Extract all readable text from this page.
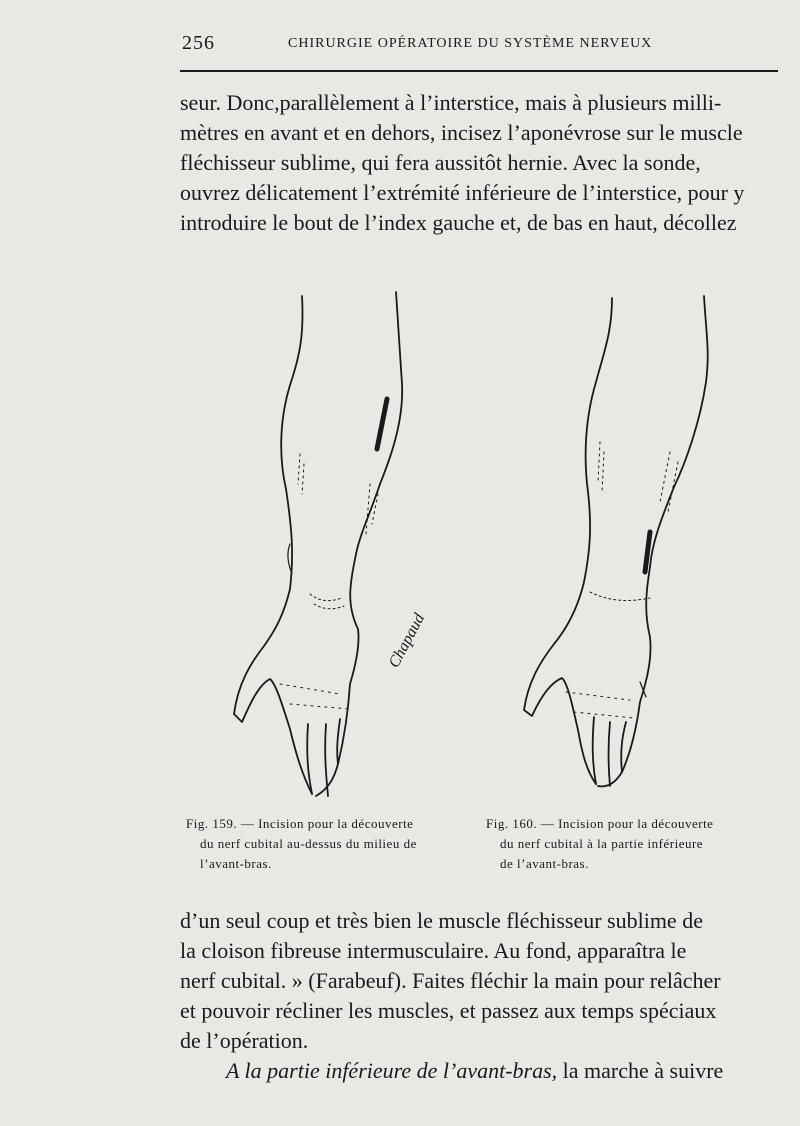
256	CHIRURGIE OPÉRATOIRE DU SYSTÈME NERVEUX

seur. Donc,parallèlement à l’interstice, mais à plusieurs milli-

mètres en avant et en dehors, incisez l’aponévrose sur le muscle

fléchisseur sublime, qui fera aussitôt hernie. Avec la sonde,

ouvrez délicatement l’extrémité inférieure de l’interstice, pour y

introduire le bout de l’index gauche et, de bas en haut, décollez

Chapaud

Fig. 159. — Incision pour la découverte

du nerf cubital au-dessus du milieu de

l’avant-bras.

Fig. 160. — Incision pour la découverte

du nerf cubital à la partie inférieure

de l’avant-bras.

d’un seul coup et très bien le muscle fléchisseur sublime de

la cloison fibreuse intermusculaire. Au fond, apparaîtra le

nerf cubital. » (Farabeuf). Faites fléchir la main pour relâcher

et pouvoir récliner les muscles, et passez aux temps spéciaux

de l’opération.

A la partie inférieure de l’avant-bras, la marche à suivre
